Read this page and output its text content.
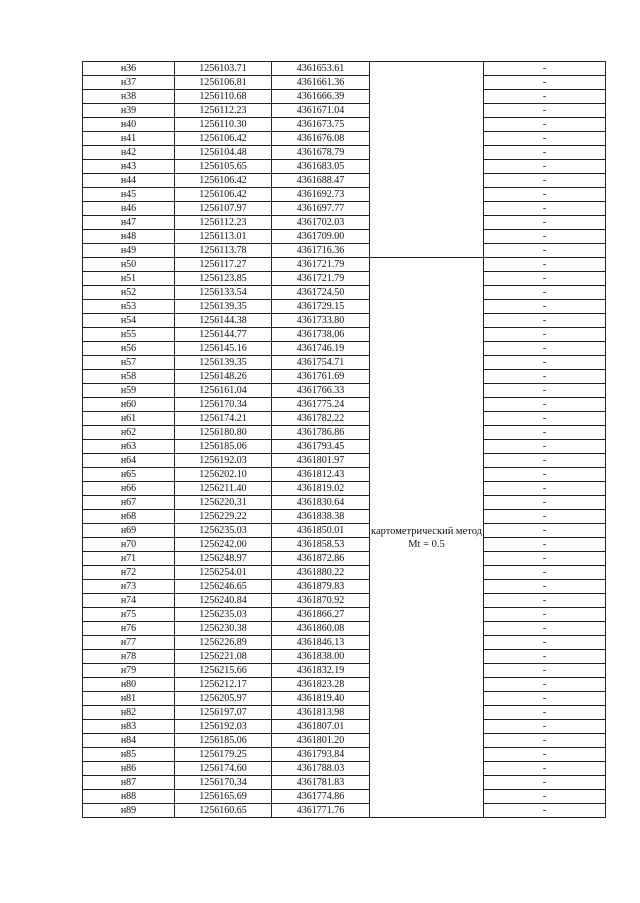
н36	1256103.71	4361653.61		-
н37	1256106.81	4361661.36		-
н38	1256110.68	4361666.39		-
н39	1256112.23	4361671.04		-
н40	1256110.30	4361673.75		-
н41	1256106.42	4361676.08		-
н42	1256104.48	4361678.79		-
н43	1256105.65	4361683.05		-
н44	1256106.42	4361688.47		-
н45	1256106.42	4361692.73		-
н46	1256107.97	4361697.77		-
н47	1256112.23	4361702.03		-
н48	1256113.01	4361709.00		-
н49	1256113.78	4361716.36		-
н50	1256117.27	4361721.79	картометрический метод Mt = 0.5	-
н51	1256123.85	4361721.79		-
н52	1256133.54	4361724.50		-
н53	1256139.35	4361729.15		-
н54	1256144.38	4361733.80		-
н55	1256144.77	4361738.06		-
н56	1256145.16	4361746.19		-
н57	1256139.35	4361754.71		-
н58	1256148.26	4361761.69		-
н59	1256161.04	4361766.33		-
н60	1256170.34	4361775.24		-
н61	1256174.21	4361782.22		-
н62	1256180.80	4361786.86		-
н63	1256185.06	4361793.45		-
н64	1256192.03	4361801.97		-
н65	1256202.10	4361812.43		-
н66	1256211.40	4361819.02		-
н67	1256220.31	4361830.64		-
н68	1256229.22	4361838.38		-
н69	1256235.03	4361850.01		-
н70	1256242.00	4361858.53		-
н71	1256248.97	4361872.86		-
н72	1256254.01	4361880.22		-
н73	1256246.65	4361879.83		-
н74	1256240.84	4361870.92		-
н75	1256235.03	4361866.27		-
н76	1256230.38	4361860.08		-
н77	1256226.89	4361846.13		-
н78	1256221.08	4361838.00		-
н79	1256215.66	4361832.19		-
н80	1256212.17	4361823.28		-
н81	1256205.97	4361819.40		-
н82	1256197.07	4361813.98		-
н83	1256192.03	4361807.01		-
н84	1256185.06	4361801.20		-
н85	1256179.25	4361793.84		-
н86	1256174.60	4361788.03		-
н87	1256170.34	4361781.83		-
н88	1256165.69	4361774.86		-
н89	1256160.65	4361771.76		-
